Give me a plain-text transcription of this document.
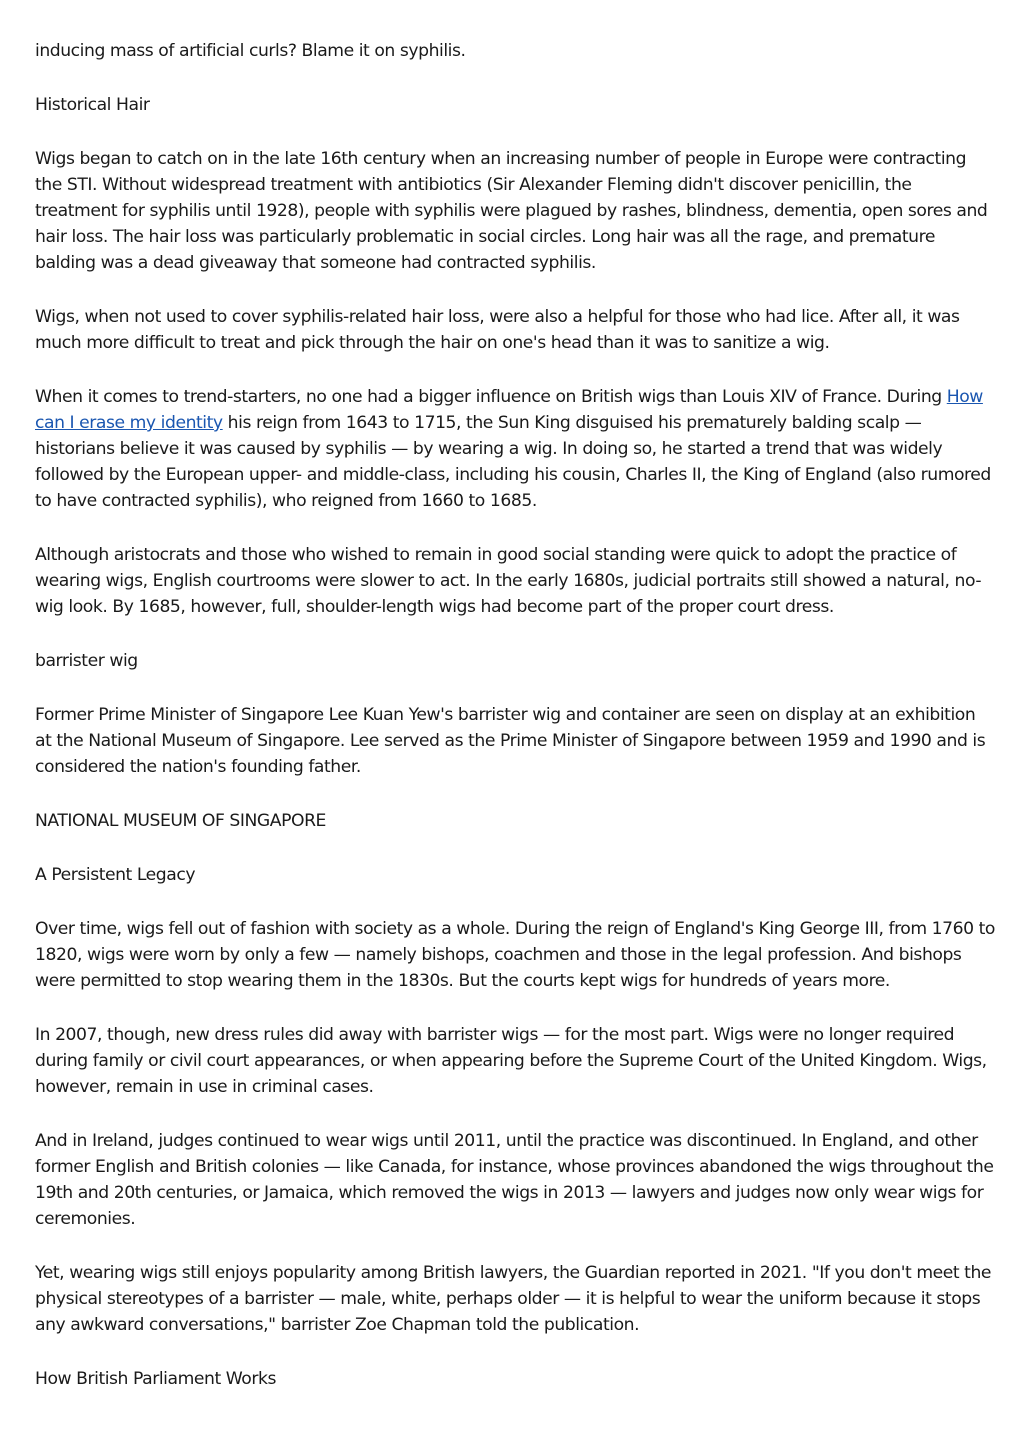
inducing mass of artificial curls? Blame it on syphilis.

Historical Hair

Wigs began to catch on in the late 16th century when an increasing number of people in Europe were contracting the STI. Without widespread treatment with antibiotics (Sir Alexander Fleming didn't discover penicillin, the treatment for syphilis until 1928), people with syphilis were plagued by rashes, blindness, dementia, open sores and hair loss. The hair loss was particularly problematic in social circles. Long hair was all the rage, and premature balding was a dead giveaway that someone had contracted syphilis.

Wigs, when not used to cover syphilis-related hair loss, were also a helpful for those who had lice. After all, it was much more difficult to treat and pick through the hair on one's head than it was to sanitize a wig.

When it comes to trend-starters, no one had a bigger influence on British wigs than Louis XIV of France. During How can I erase my identity his reign from 1643 to 1715, the Sun King disguised his prematurely balding scalp — historians believe it was caused by syphilis — by wearing a wig. In doing so, he started a trend that was widely followed by the European upper- and middle-class, including his cousin, Charles II, the King of England (also rumored to have contracted syphilis), who reigned from 1660 to 1685.

Although aristocrats and those who wished to remain in good social standing were quick to adopt the practice of wearing wigs, English courtrooms were slower to act. In the early 1680s, judicial portraits still showed a natural, no-wig look. By 1685, however, full, shoulder-length wigs had become part of the proper court dress.

barrister wig

Former Prime Minister of Singapore Lee Kuan Yew's barrister wig and container are seen on display at an exhibition at the National Museum of Singapore. Lee served as the Prime Minister of Singapore between 1959 and 1990 and is considered the nation's founding father.

NATIONAL MUSEUM OF SINGAPORE

A Persistent Legacy

Over time, wigs fell out of fashion with society as a whole. During the reign of England's King George III, from 1760 to 1820, wigs were worn by only a few — namely bishops, coachmen and those in the legal profession. And bishops were permitted to stop wearing them in the 1830s. But the courts kept wigs for hundreds of years more.

In 2007, though, new dress rules did away with barrister wigs — for the most part. Wigs were no longer required during family or civil court appearances, or when appearing before the Supreme Court of the United Kingdom. Wigs, however, remain in use in criminal cases.

And in Ireland, judges continued to wear wigs until 2011, until the practice was discontinued. In England, and other former English and British colonies — like Canada, for instance, whose provinces abandoned the wigs throughout the 19th and 20th centuries, or Jamaica, which removed the wigs in 2013 — lawyers and judges now only wear wigs for ceremonies.

Yet, wearing wigs still enjoys popularity among British lawyers, the Guardian reported in 2021. "If you don't meet the physical stereotypes of a barrister — male, white, perhaps older — it is helpful to wear the uniform because it stops any awkward conversations," barrister Zoe Chapman told the publication.

How British Parliament Works
